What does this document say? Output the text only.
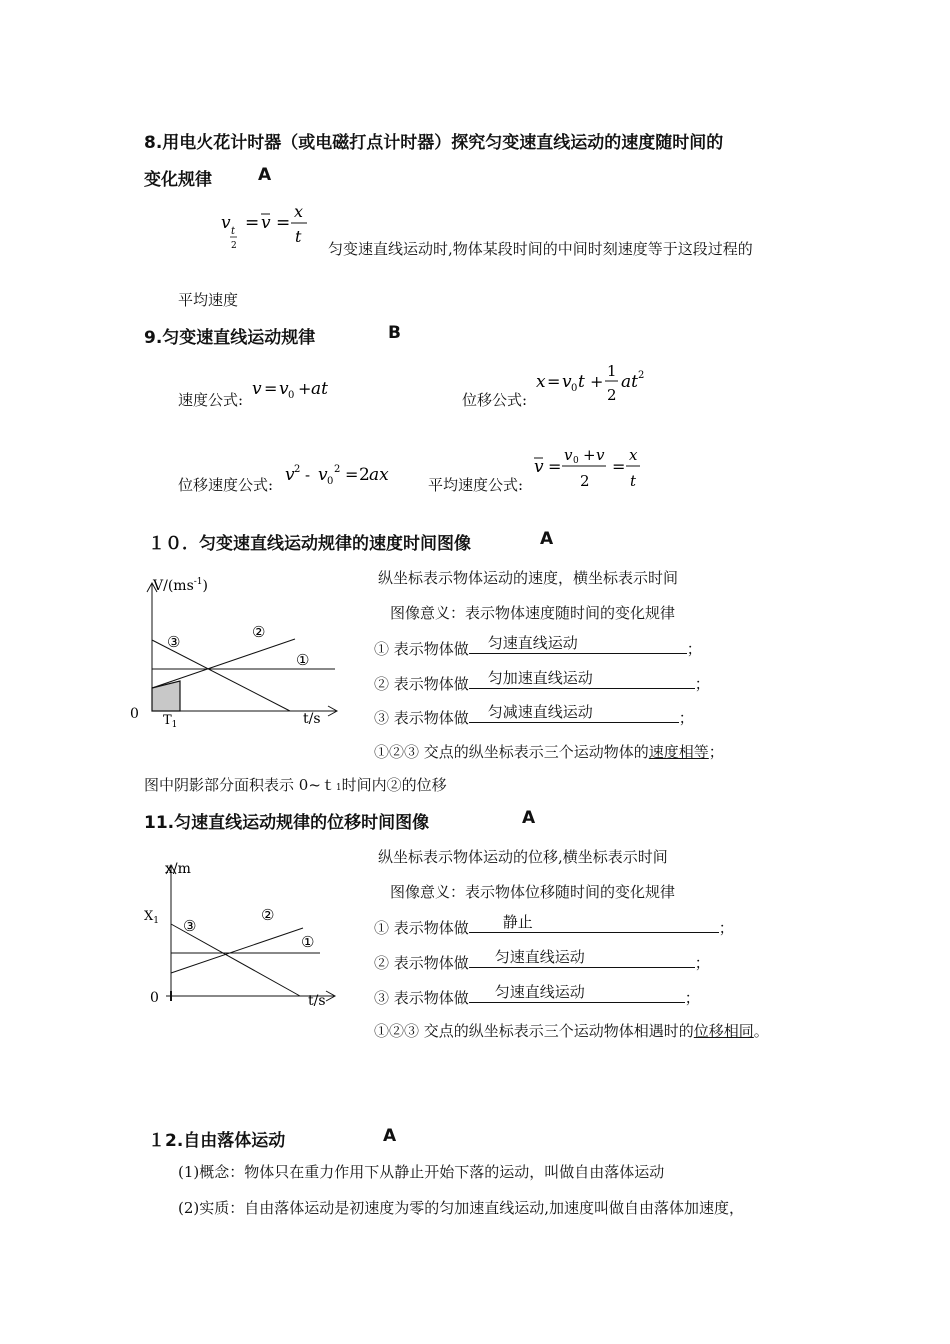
8.用电火花计时器（或电磁打点计时器）探究匀变速直线运动的速度随时间的
变化规律	A
v t
2
= v =
x
t
匀变速直线运动时,物体某段时间的中间时刻速度等于这段过程的
平均速度
9.匀变速直线运动规律	B
速度公式:
v = v 0 + at
位移公式:
x = v 0 t +
1
2
at 2
位移速度公式: v 2 - v 0
2 = 2 ax	平均速度公式:
v =
v 0 + v
2
=
x
t
１０．匀变速直线运动规律的速度时间图像	A
$V/(ms^{-1})$
t/s
0 $T_1$
①
②
③
纵坐标表示物体运动的速度，横坐标表示时间
图像意义：表示物体速度随时间的变化规律
① 表示物体做 匀速直线运动	；
② 表示物体做 匀加速直线运动	；
③ 表示物体做 匀减速直线运动	；
①②③ 交点的纵坐标表示三个运动物体的速度相等；
图中阴影部分面积表示 0~ｔ1时间内②的位移
11.匀速直线运动规律的位移时间图像	A
x/m
$X_1$
0	t/s
①
②
③
纵坐标表示物体运动的位移,横坐标表示时间
图像意义：表示物体位移随时间的变化规律
① 表示物体做 静止	；
② 表示物体做 匀速直线运动	；
③ 表示物体做 匀速直线运动	；
①②③ 交点的纵坐标表示三个运动物体相遇时的位移相同。
１2.自由落体运动	A
(1)概念：物体只在重力作用下从静止开始下落的运动，叫做自由落体运动
(2)实质：自由落体运动是初速度为零的匀加速直线运动,加速度叫做自由落体加速度，
